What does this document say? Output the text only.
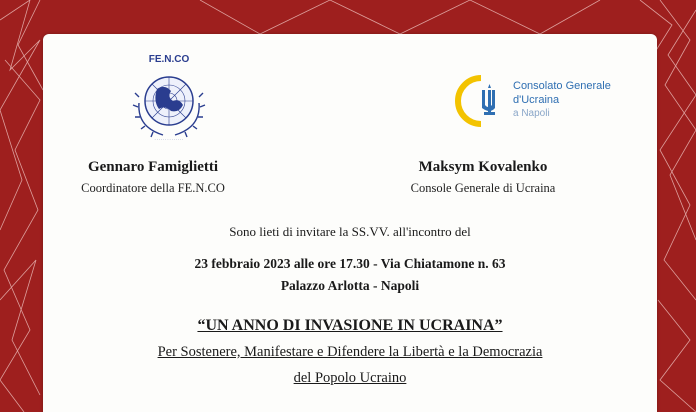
FE.N.CO
· · · · · · · · · · · · · ·
Consolato Generale
d'Ucraina
a Napoli
Gennaro Famiglietti
Coordinatore della FE.N.CO
Maksym Kovalenko
Console Generale di Ucraina
Sono lieti di invitare la SS.VV. all'incontro del
23 febbraio 2023 alle ore 17.30 - Via Chiatamone n. 63
Palazzo Arlotta - Napoli
“UN ANNO DI INVASIONE IN UCRAINA”
Per Sostenere, Manifestare e Difendere la Libertà e la Democrazia
del Popolo Ucraino
